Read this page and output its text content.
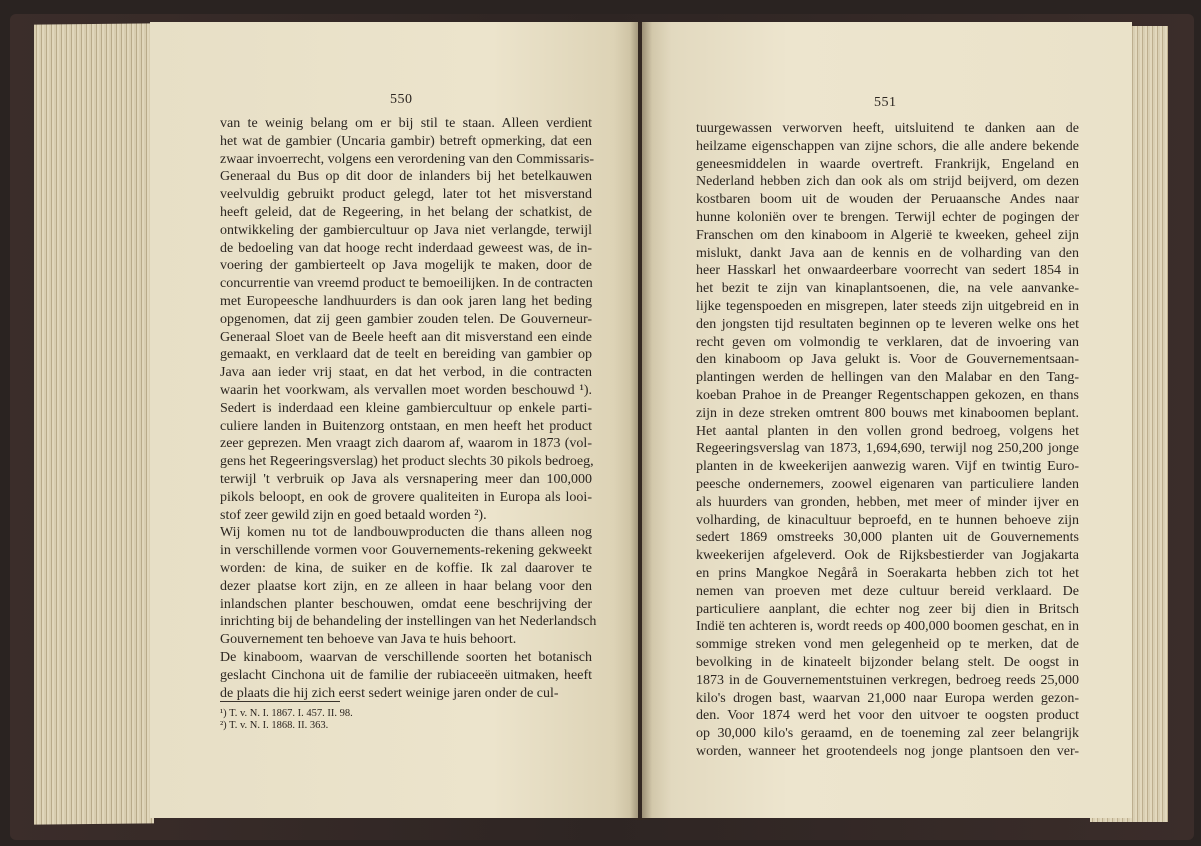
550
van te weinig belang om er bij stil te staan. Alleen verdient
het wat de gambier (Uncaria gambir) betreft opmerking, dat een
zwaar invoerrecht, volgens een verordening van den Commissaris-
Generaal du Bus op dit door de inlanders bij het betelkauwen
veelvuldig gebruikt product gelegd, later tot het misverstand
heeft geleid, dat de Regeering, in het belang der schatkist, de
ontwikkeling der gambiercultuur op Java niet verlangde, terwijl
de bedoeling van dat hooge recht inderdaad geweest was, de in-
voering der gambierteelt op Java mogelijk te maken, door de
concurrentie van vreemd product te bemoeilijken. In de contracten
met Europeesche landhuurders is dan ook jaren lang het beding
opgenomen, dat zij geen gambier zouden telen. De Gouverneur-
Generaal Sloet van de Beele heeft aan dit misverstand een einde
gemaakt, en verklaard dat de teelt en bereiding van gambier op
Java aan ieder vrij staat, en dat het verbod, in die contracten
waarin het voorkwam, als vervallen moet worden beschouwd ¹).
Sedert is inderdaad een kleine gambiercultuur op enkele parti-
culiere landen in Buitenzorg ontstaan, en men heeft het product
zeer geprezen. Men vraagt zich daarom af, waarom in 1873 (vol-
gens het Regeeringsverslag) het product slechts 30 pikols bedroeg,
terwijl 't verbruik op Java als versnapering meer dan 100,000
pikols beloopt, en ook de grovere qualiteiten in Europa als looi-
stof zeer gewild zijn en goed betaald worden ²).
Wij komen nu tot de landbouwproducten die thans alleen nog
in verschillende vormen voor Gouvernements-rekening gekweekt
worden: de kina, de suiker en de koffie. Ik zal daarover te
dezer plaatse kort zijn, en ze alleen in haar belang voor den
inlandschen planter beschouwen, omdat eene beschrijving der
inrichting bij de behandeling der instellingen van het Nederlandsch
Gouvernement ten behoeve van Java te huis behoort.
De kinaboom, waarvan de verschillende soorten het botanisch
geslacht Cinchona uit de familie der rubiaceeën uitmaken, heeft
de plaats die hij zich eerst sedert weinige jaren onder de cul-
¹) T. v. N. I. 1867. I. 457. II. 98.
²) T. v. N. I. 1868. II. 363.
551
tuurgewassen verworven heeft, uitsluitend te danken aan de
heilzame eigenschappen van zijne schors, die alle andere bekende
geneesmiddelen in waarde overtreft. Frankrijk, Engeland en
Nederland hebben zich dan ook als om strijd beijverd, om dezen
kostbaren boom uit de wouden der Peruaansche Andes naar
hunne koloniën over te brengen. Terwijl echter de pogingen der
Franschen om den kinaboom in Algerië te kweeken, geheel zijn
mislukt, dankt Java aan de kennis en de volharding van den
heer Hasskarl het onwaardeerbare voorrecht van sedert 1854 in
het bezit te zijn van kinaplantsoenen, die, na vele aanvanke-
lijke tegenspoeden en misgrepen, later steeds zijn uitgebreid en in
den jongsten tijd resultaten beginnen op te leveren welke ons het
recht geven om volmondig te verklaren, dat de invoering van
den kinaboom op Java gelukt is. Voor de Gouvernementsaan-
plantingen werden de hellingen van den Malabar en den Tang-
koeban Prahoe in de Preanger Regentschappen gekozen, en thans
zijn in deze streken omtrent 800 bouws met kinaboomen beplant.
Het aantal planten in den vollen grond bedroeg, volgens het
Regeeringsverslag van 1873, 1,694,690, terwijl nog 250,200 jonge
planten in de kweekerijen aanwezig waren. Vijf en twintig Euro-
peesche ondernemers, zoowel eigenaren van particuliere landen
als huurders van gronden, hebben, met meer of minder ijver en
volharding, de kinacultuur beproefd, en te hunnen behoeve zijn
sedert 1869 omstreeks 30,000 planten uit de Gouvernements
kweekerijen afgeleverd. Ook de Rijksbestierder van Jogjakarta
en prins Mangkoe Negårå in Soerakarta hebben zich tot het
nemen van proeven met deze cultuur bereid verklaard. De
particuliere aanplant, die echter nog zeer bij dien in Britsch
Indië ten achteren is, wordt reeds op 400,000 boomen geschat, en in
sommige streken vond men gelegenheid op te merken, dat de
bevolking in de kinateelt bijzonder belang stelt. De oogst in
1873 in de Gouvernementstuinen verkregen, bedroeg reeds 25,000
kilo's drogen bast, waarvan 21,000 naar Europa werden gezon-
den. Voor 1874 werd het voor den uitvoer te oogsten product
op 30,000 kilo's geraamd, en de toeneming zal zeer belangrijk
worden, wanneer het grootendeels nog jonge plantsoen den ver-
